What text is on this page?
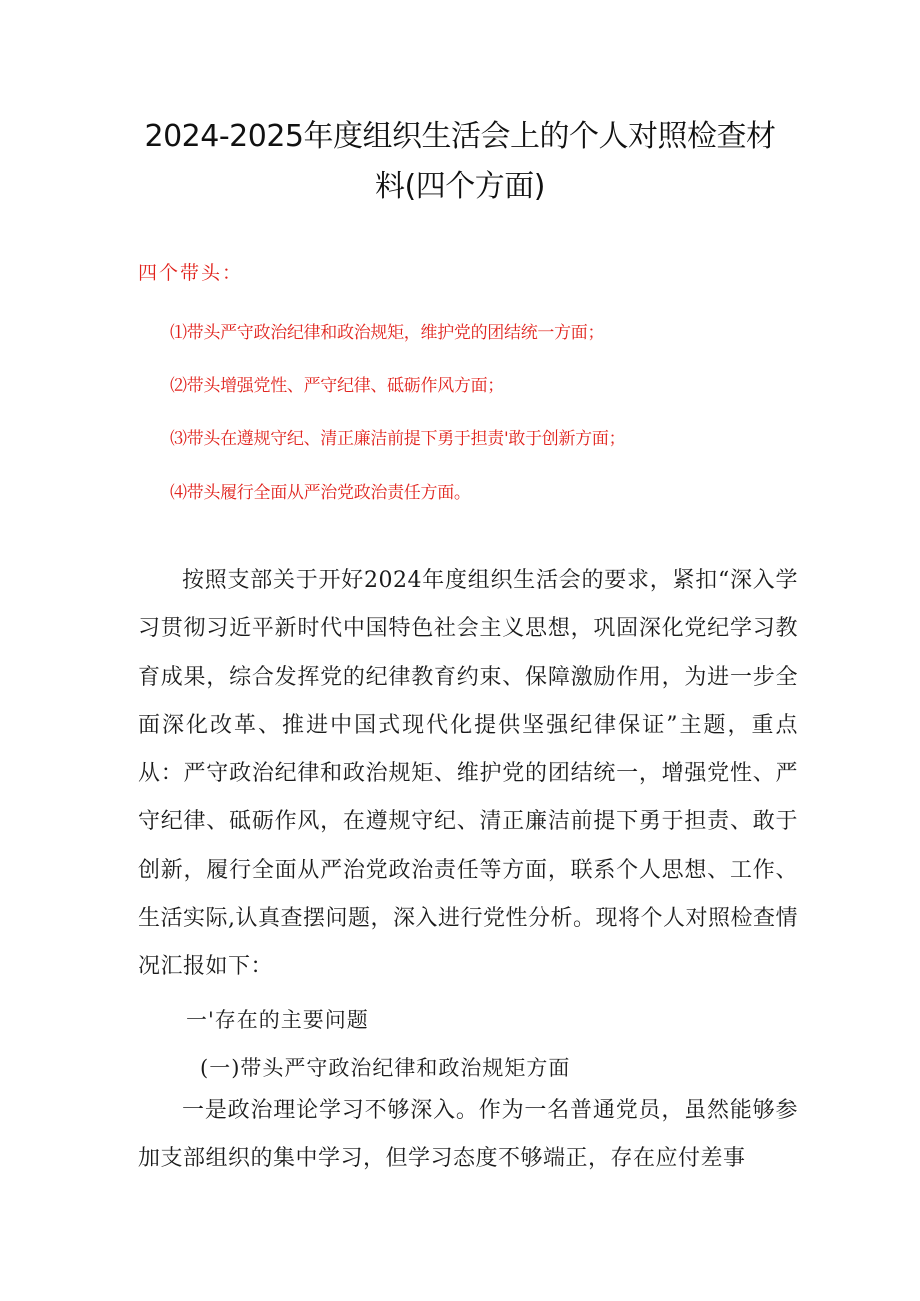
2024-2025年度组织生活会上的个人对照检查材料(四个方面)
四个带头：
⑴带头严守政治纪律和政治规矩，维护党的团结统一方面；
⑵带头增强党性、严守纪律、砥砺作风方面；
⑶带头在遵规守纪、清正廉洁前提下勇于担责'敢于创新方面；
⑷带头履行全面从严治党政治责任方面。
按照支部关于开好2024年度组织生活会的要求，紧扣“深入学习贯彻习近平新时代中国特色社会主义思想，巩固深化党纪学习教育成果，综合发挥党的纪律教育约束、保障激励作用，为进一步全面深化改革、推进中国式现代化提供坚强纪律保证”主题，重点从：严守政治纪律和政治规矩、维护党的团结统一，增强党性、严守纪律、砥砺作风，在遵规守纪、清正廉洁前提下勇于担责、敢于创新，履行全面从严治党政治责任等方面，联系个人思想、工作、生活实际,认真查摆问题，深入进行党性分析。现将个人对照检查情况汇报如下：
一'存在的主要问题
(一)带头严守政治纪律和政治规矩方面
一是政治理论学习不够深入。作为一名普通党员，虽然能够参加支部组织的集中学习，但学习态度不够端正，存在应付差事
